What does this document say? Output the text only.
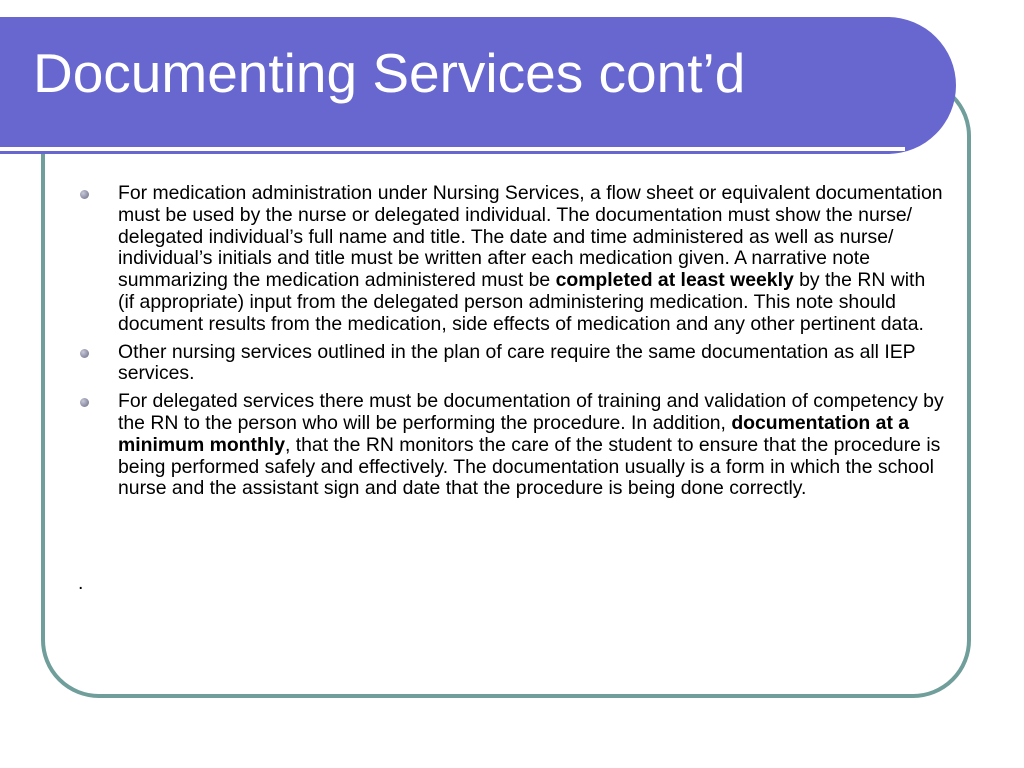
Documenting Services cont’d
For medication administration under Nursing Services, a flow sheet or equivalent documentation must be used by the nurse or delegated individual. The documentation must show the nurse/ delegated individual’s full name and title. The date and time administered as well as nurse/ individual’s initials and title must be written after each medication given. A narrative note summarizing the medication administered must be completed at least weekly by the RN with (if appropriate) input from the delegated person administering medication. This note should document results from the medication, side effects of medication and any other pertinent data.
Other nursing services outlined in the plan of care require the same documentation as all IEP services.
For delegated services there must be documentation of training and validation of competency by the RN to the person who will be performing the procedure. In addition, documentation at a minimum monthly, that the RN monitors the care of the student to ensure that the procedure is being performed safely and effectively. The documentation usually is a form in which the school nurse and the assistant sign and date that the procedure is being done correctly.
.
